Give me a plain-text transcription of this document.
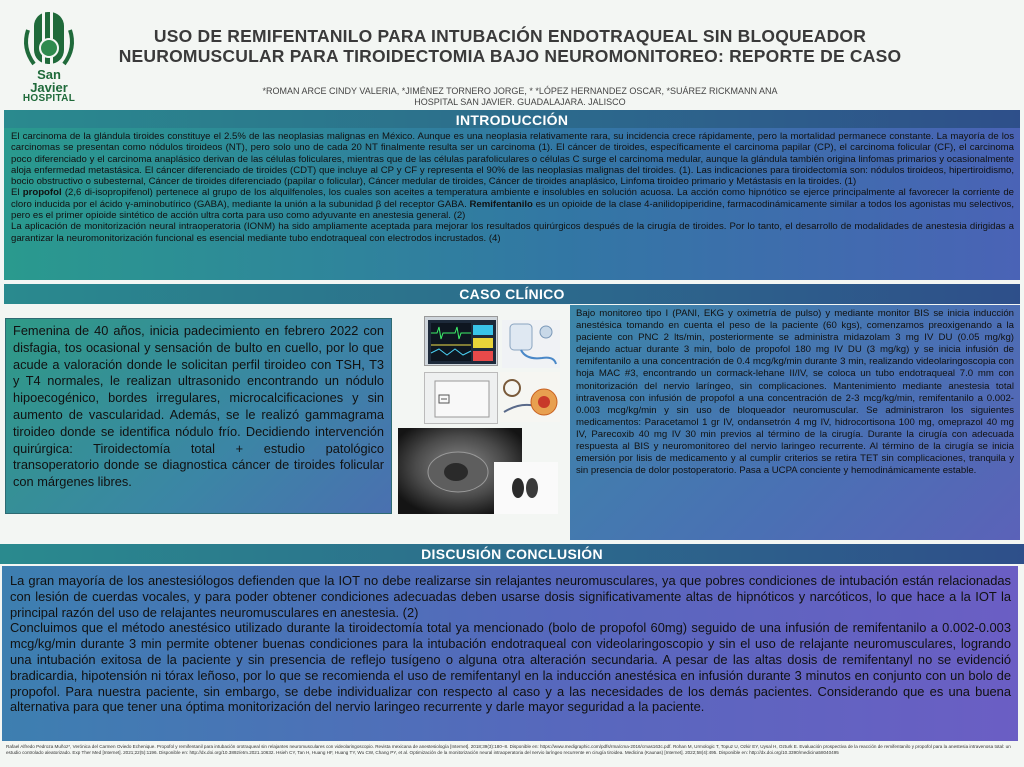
San
Javier
HOSPITAL
USO DE REMIFENTANILO PARA INTUBACIÓN ENDOTRAQUEAL SIN BLOQUEADOR
NEUROMUSCULAR PARA TIROIDECTOMIA BAJO NEUROMONITOREO: REPORTE DE CASO
*ROMAN ARCE CINDY VALERIA, *JIMÉNEZ TORNERO JORGE, * *LÓPEZ HERNANDEZ OSCAR, *SUÁREZ RICKMANN ANA
HOSPITAL SAN JAVIER. GUADALAJARA. JALISCO
INTRODUCCIÓN

El carcinoma de la glándula tiroides constituye el 2.5% de las neoplasias malignas en México. Aunque es una neoplasia relativamente rara, su incidencia crece rápidamente, pero la mortalidad permanece constante. La mayoría de los carcinomas se presentan como nódulos tiroideos (NT), pero solo uno de cada 20 NT finalmente resulta ser un carcinoma (1). El cáncer de tiroides, específicamente el carcinoma papilar (CP), el carcinoma folicular (CF), el carcinoma poco diferenciado y el carcinoma anaplásico derivan de las células foliculares, mientras que de las células parafoliculares o células C surge el carcinoma medular, aunque la glándula también origina linfomas primarios y ocasionalmente aloja enfermedad metastásica. El cáncer diferenciado de tiroides (CDT) que incluye al CP y CF y representa el 90% de las neoplasias malignas del tiroides. (1). Las indicaciones para tiroidectomía son: nódulos tiroideos, hipertiroidismo, bocio obstructivo o subesternal, Cáncer de tiroides diferenciado (papilar o folicular), Cáncer medular de tiroides, Cáncer de tiroides anaplásico, Linfoma tiroideo primario y Metástasis en la tiroides. (1)

El propofol (2,6 di-isopropifenol) pertenece al grupo de los alquilfenoles, los cuales son aceites a temperatura ambiente e insolubles en solución acuosa. La acción como hipnótico se ejerce principalmente al favorecer la corriente de cloro inducida por el ácido γ-aminobutírico (GABA), mediante la unión a la subunidad β del receptor GABA. Remifentanilo es un opioide de la clase 4-anilidopiperidine, farmacodinámicamente similar a todos los agonistas mu selectivos, pero es el primer opioide sintético de acción ultra corta para uso como adyuvante en anestesia general. (2)

La aplicación de monitorización neural intraoperatoria (IONM) ha sido ampliamente aceptada para mejorar los resultados quirúrgicos después de la cirugía de tiroides. Por lo tanto, el desarrollo de modalidades de anestesia dirigidas a garantizar la neuromonitorización funcional es esencial mediante tubo endotraqueal con electrodos incrustados. (4)

CASO CLÍNICO
Femenina de 40 años, inicia padecimiento en febrero 2022 con disfagia, tos ocasional y sensación de bulto en cuello, por lo que acude a valoración donde le solicitan perfil tiroideo con TSH, T3 y T4 normales, le realizan ultrasonido encontrando un nódulo hipoecogénico, bordes irregulares, microcalcificaciones y sin aumento de vascularidad. Además, se le realizó gammagrama tiroideo donde se identifica nódulo frío. Decidiendo intervención quirúrgica: Tiroidectomía total + estudio patológico transoperatorio donde se diagnostica cáncer de tiroides folicular con márgenes libres.
Bajo monitoreo tipo I (PANI, EKG y oximetría de pulso) y mediante monitor BIS se inicia inducción anestésica tomando en cuenta el peso de la paciente (60 kgs), comenzamos preoxigenando a la paciente con PNC 2 lts/min, posteriormente se administra midazolam 3 mg IV DU (0.05 mg/kg) dejando actuar durante 3 min, bolo de propofol 180 mg IV DU (3 mg/kg) y se inicia infusión de remifentanilo a una concentración de 0.4 mcg/kg/min durante 3 min, realizando videolaringoscopia con hoja MAC #3, encontrando un cormack-lehane II/IV, se coloca un tubo endotraqueal 7.0 mm con monitorización del nervio laríngeo, sin complicaciones. Mantenimiento mediante anestesia total intravenosa con infusión de propofol a una concentración de 2-3 mcg/kg/min, remifentanilo a 0.002-0.003 mcg/kg/min y sin uso de bloqueador neuromuscular. Se administraron los siguientes medicamentos: Paracetamol 1 gr IV, ondansetrón 4 mg IV, hidrocortisona 100 mg, omeprazol 40 mg IV, Parecoxib 40 mg IV 30 min previos al término de la cirugía. Durante la cirugía con adecuada respuesta al BIS y neuromonitoreo del nervio laringeo recurrente. Al término de la cirugía se inicia emersión por lisis de medicamento y al cumplir criterios se retira TET sin complicaciones, tranquila y sin presencia de dolor postoperatorio. Pasa a UCPA conciente y hemodinámicamente estable.
DISCUSIÓN CONCLUSIÓN

La gran mayoría de los anestesiólogos defienden que la IOT no debe realizarse sin relajantes neuromusculares, ya que pobres condiciones de intubación están relacionadas con lesión de cuerdas vocales, y para poder obtener condiciones adecuadas deben usarse dosis significativamente altas de hipnóticos y narcóticos, lo que hace a la IOT la principal razón del uso de relajantes neuromusculares en anestesia. (2)

Concluimos que el método anestésico utilizado durante la tiroidectomía total ya mencionado (bolo de propofol 60mg) seguido de una infusión de remifentanilo a 0.002-0.003 mcg/kg/min durante 3 min permite obtener buenas condiciones para la intubación endotraqueal con videolaringoscopio y sin el uso de relajante neuromusculares, logrando una intubación exitosa de la paciente y sin presencia de reflejo tusígeno o alguna otra alteración secundaria. A pesar de las altas dosis de remifentanyl no se evidenció bradicardia, hipotensión ni tórax leñoso, por lo que se recomienda el uso de remifentanyl en la inducción anestésica en infusión durante 3 minutos en conjunto con un bolo de propofol. Para nuestra paciente, sin embargo, se debe individualizar con respecto al caso y a las necesidades de los demás pacientes. Considerando que es una buena alternativa para que tener una óptima monitorización del nervio laringeo recurrente y darle mayor seguridad a la paciente.

Rafael Alfredo Pedroza Muñoz*, Verónica del Carmen Oviedo Echenique. Propofol y remifentanil para intubación orotraqueal sin relajantes neuromusculares con videolaringoscopio. Revista mexicana de anestesiología [Internet]. 2018;39(3):180–8. Disponible en: https://www.medigraphic.com/pdfs/rma/cma-2016/cmas163c.pdf. Rohan M, Urmologic T, Topuz U, Ozkir EY, Uysal H, Ozturk E. Evaluación prospectiva de la reacción de remifentanilo y propofol para la anestesia intravenosa total: un estudio controlado aleatorizado. Exp Ther Med [Internet]. 2021;22(5):1196. Disponible en: http://dx.doi.org/10.3892/etm.2021.10632. Hsieh CY, Tan H, Huang HF, Huang TY, Wu CW, Chang PY, et al. Optimización de la monitorización neural intraoperatoria del nervio laríngeo recurrente en cirugía tiroidea. Medicina (Kaunas) [Internet]. 2022;58(4):495. Disponible en: http://dx.doi.org/10.3390/medicina58040495
